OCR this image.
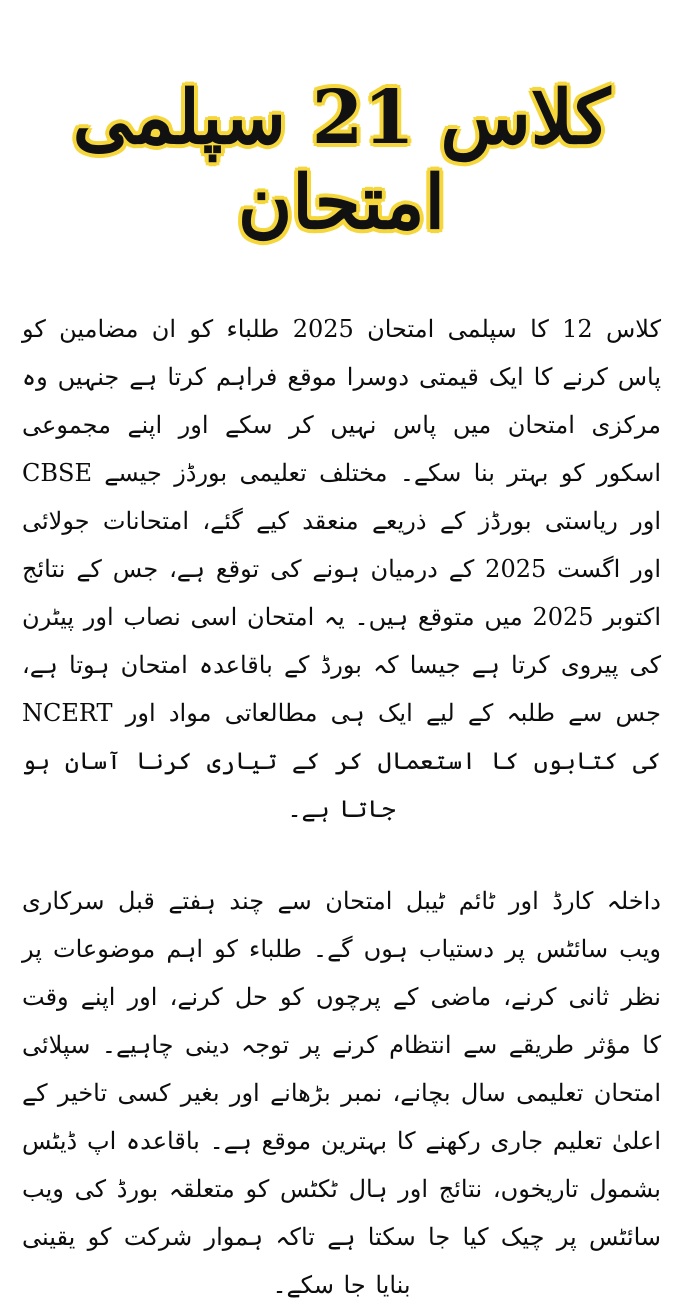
کلاس 12 سپلمی امتحان

کلاس 12 کا سپلمی امتحان 2025 طلباء کو ان مضامین کو پاس کرنے کا ایک قیمتی دوسرا موقع فراہم کرتا ہے جنہیں وہ مرکزی امتحان میں پاس نہیں کر سکے اور اپنے مجموعی اسکور کو بہتر بنا سکے۔ مختلف تعلیمی بورڈز جیسے CBSE اور ریاستی بورڈز کے ذریعے منعقد کیے گئے، امتحانات جولائی اور اگست 2025 کے درمیان ہونے کی توقع ہے، جس کے نتائج اکتوبر 2025 میں متوقع ہیں۔ یہ امتحان اسی نصاب اور پیٹرن کی پیروی کرتا ہے جیسا کہ بورڈ کے باقاعدہ امتحان ہوتا ہے، جس سے طلبہ کے لیے ایک ہی مطالعاتی مواد اور NCERT کی کتابوں کا استعمال کر کے تیاری کرنا آسان ہو جاتا ہے۔

داخلہ کارڈ اور ٹائم ٹیبل امتحان سے چند ہفتے قبل سرکاری ویب سائٹس پر دستیاب ہوں گے۔ طلباء کو اہم موضوعات پر نظر ثانی کرنے، ماضی کے پرچوں کو حل کرنے، اور اپنے وقت کا مؤثر طریقے سے انتظام کرنے پر توجہ دینی چاہیے۔ سپلائی امتحان تعلیمی سال بچانے، نمبر بڑھانے اور بغیر کسی تاخیر کے اعلیٰ تعلیم جاری رکھنے کا بہترین موقع ہے۔ باقاعدہ اپ ڈیٹس بشمول تاریخوں، نتائج اور ہال ٹکٹس کو متعلقہ بورڈ کی ویب سائٹس پر چیک کیا جا سکتا ہے تاکہ ہموار شرکت کو یقینی بنایا جا سکے۔
